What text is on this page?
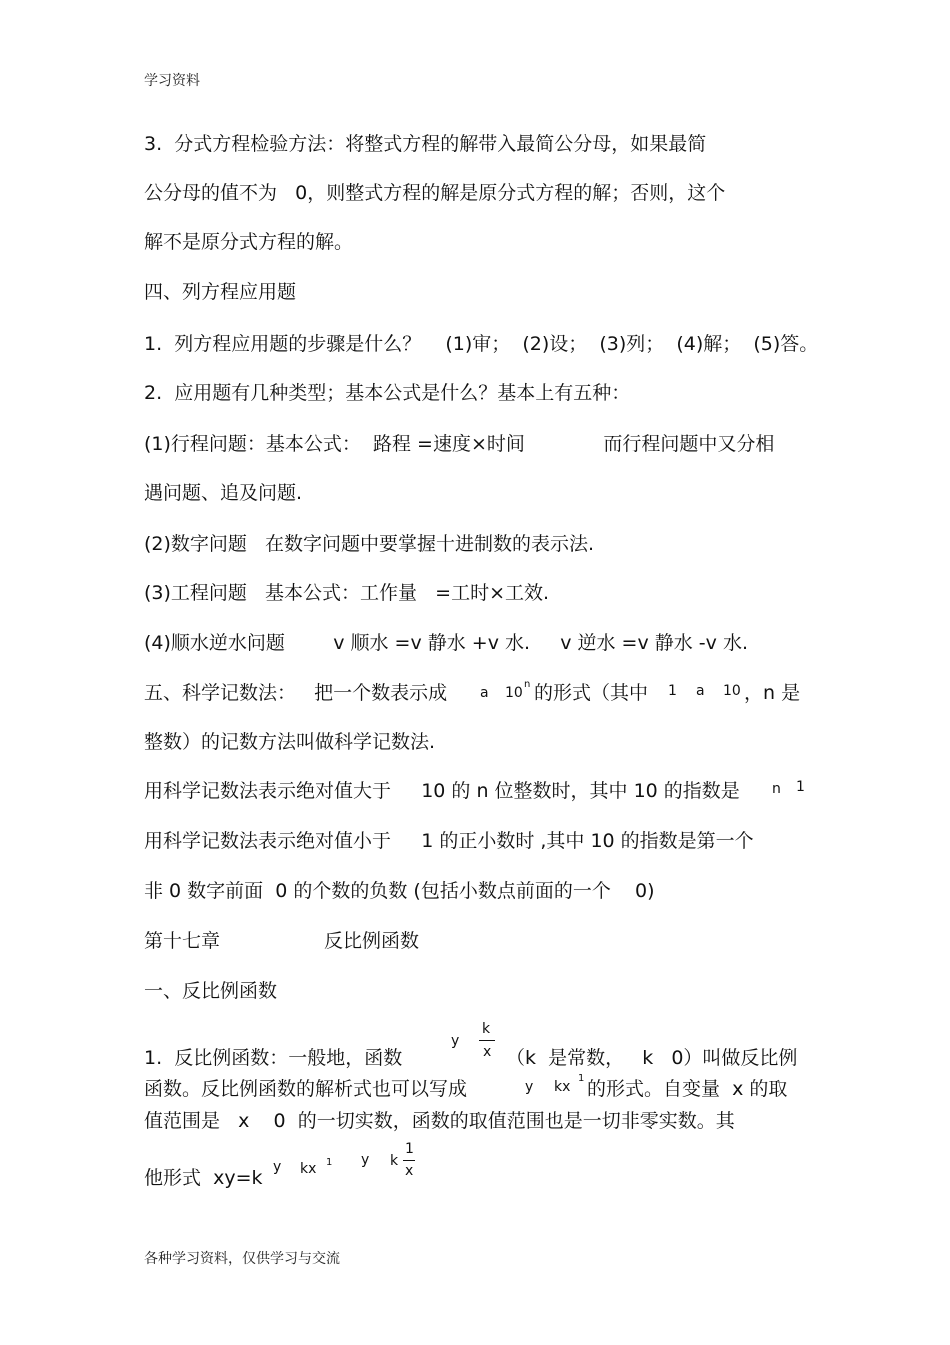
学习资料
3.  分式方程检验方法：将整式方程的解带入最简公分母，如果最简
公分母的值不为   0，则整式方程的解是原分式方程的解；否则，这个
解不是原分式方程的解。
四、列方程应用题
1.  列方程应用题的步骤是什么？    (1)审；  (2)设；  (3)列；  (4)解；  (5)答。
2.  应用题有几种类型；基本公式是什么？基本上有五种：
(1)行程问题：基本公式：  路程 =速度×时间             而行程问题中又分相
遇问题、追及问题.
(2)数字问题   在数字问题中要掌握十进制数的表示法.
(3)工程问题   基本公式：工作量   =工时×工效.
(4)顺水逆水问题        v 顺水 =v 静水 +v 水.     v 逆水 =v 静水 -v 水.
五、科学记数法：   把一个数表示成 a 10
n 的形式（其中 1 a 10 ，n 是
整数）的记数方法叫做科学记数法.
用科学记数法表示绝对值大于     10 的 n 位整数时，其中 10 的指数是 n 1
用科学记数法表示绝对值小于     1 的正小数时 ,其中 10 的指数是第一个
非 0 数字前面  0 的个数的负数 (包括小数点前面的一个    0)
第十七章	反比例函数
一、反比例函数
y
k
x
1.  反比例函数：一般地，函数	（k  是常数，   k   0）叫做反比例
函数。反比例函数的解析式也可以写成	y kx
1 的形式。自变量  x 的取
值范围是   x    0  的一切实数，函数的取值范围也是一切非零实数。其
他形式  xy=k y kx 1 y k
1
x
各种学习资料，仅供学习与交流
